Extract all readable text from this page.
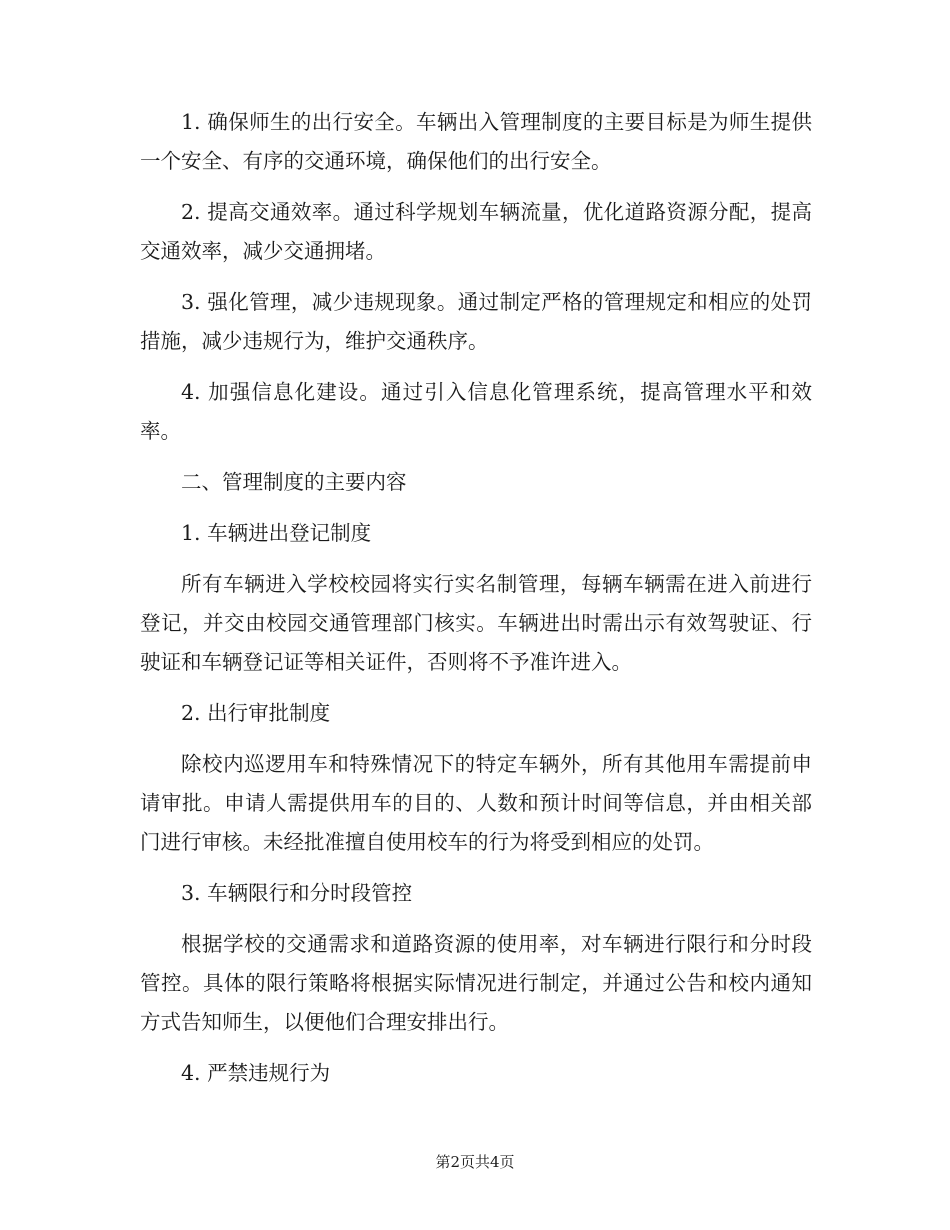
1. 确保师生的出行安全。车辆出入管理制度的主要目标是为师生提供一个安全、有序的交通环境，确保他们的出行安全。

2. 提高交通效率。通过科学规划车辆流量，优化道路资源分配，提高交通效率，减少交通拥堵。

3. 强化管理，减少违规现象。通过制定严格的管理规定和相应的处罚措施，减少违规行为，维护交通秩序。

4. 加强信息化建设。通过引入信息化管理系统，提高管理水平和效率。

二、管理制度的主要内容

1. 车辆进出登记制度

所有车辆进入学校校园将实行实名制管理，每辆车辆需在进入前进行登记，并交由校园交通管理部门核实。车辆进出时需出示有效驾驶证、行驶证和车辆登记证等相关证件，否则将不予准许进入。

2. 出行审批制度

除校内巡逻用车和特殊情况下的特定车辆外，所有其他用车需提前申请审批。申请人需提供用车的目的、人数和预计时间等信息，并由相关部门进行审核。未经批准擅自使用校车的行为将受到相应的处罚。

3. 车辆限行和分时段管控

根据学校的交通需求和道路资源的使用率，对车辆进行限行和分时段管控。具体的限行策略将根据实际情况进行制定，并通过公告和校内通知方式告知师生，以便他们合理安排出行。

4. 严禁违规行为

第2页共4页
